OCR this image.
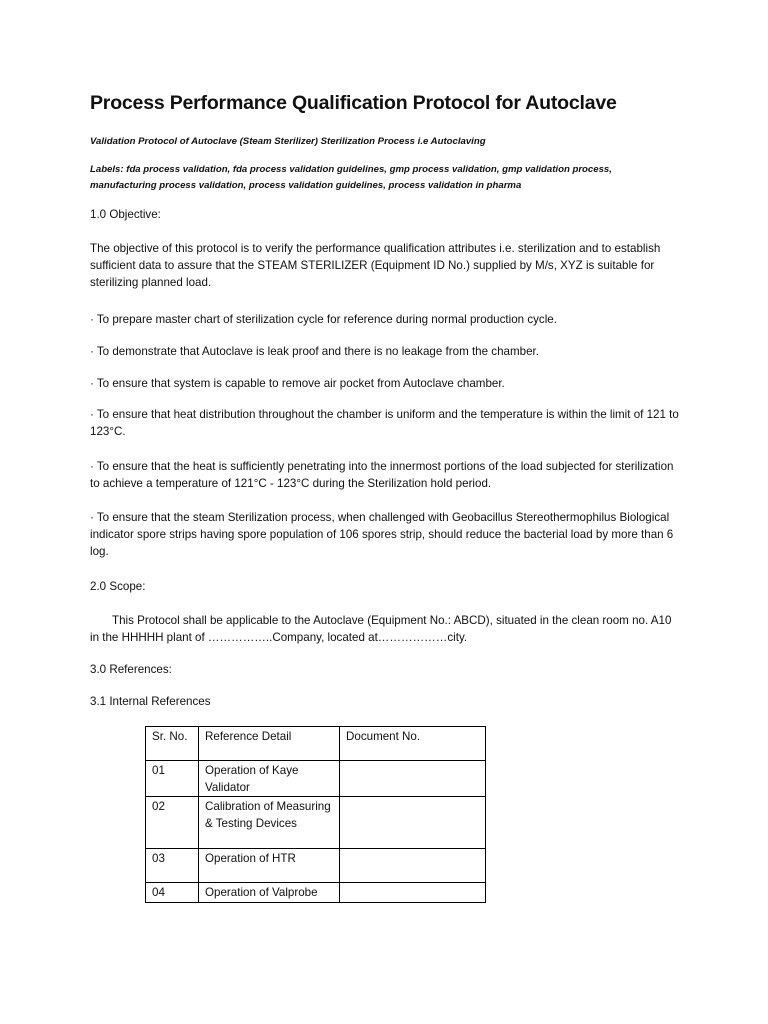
Process Performance Qualification Protocol for Autoclave
Validation Protocol of Autoclave (Steam Sterilizer) Sterilization Process i.e Autoclaving
Labels: fda process validation, fda process validation guidelines, gmp process validation, gmp validation process, manufacturing process validation, process validation guidelines, process validation in pharma
1.0 Objective:
The objective of this protocol is to verify the performance qualification attributes i.e. sterilization and to establish sufficient data to assure that the STEAM STERILIZER (Equipment ID No.) supplied by M/s, XYZ is suitable for sterilizing planned load.
· To prepare master chart of sterilization cycle for reference during normal production cycle.
· To demonstrate that Autoclave is leak proof and there is no leakage from the chamber.
· To ensure that system is capable to remove air pocket from Autoclave chamber.
· To ensure that heat distribution throughout the chamber is uniform and the temperature is within the limit of 121 to 123°C.
· To ensure that the heat is sufficiently penetrating into the innermost portions of the load subjected for sterilization to achieve a temperature of 121°C - 123°C during the Sterilization hold period.
· To ensure that the steam Sterilization process, when challenged with Geobacillus Stereothermophilus Biological indicator spore strips having spore population of 106 spores strip, should reduce the bacterial load by more than 6 log.
2.0 Scope:
This Protocol shall be applicable to the Autoclave (Equipment No.: ABCD), situated in the clean room no. A10 in the HHHHH plant of ……………..Company, located at………………city.
3.0 References:
3.1 Internal References
Sr. No.	Reference Detail	Document No.
01	Operation of Kaye Validator	
02	Calibration of Measuring & Testing Devices	
03	Operation of HTR	
04	Operation of Valprobe	
